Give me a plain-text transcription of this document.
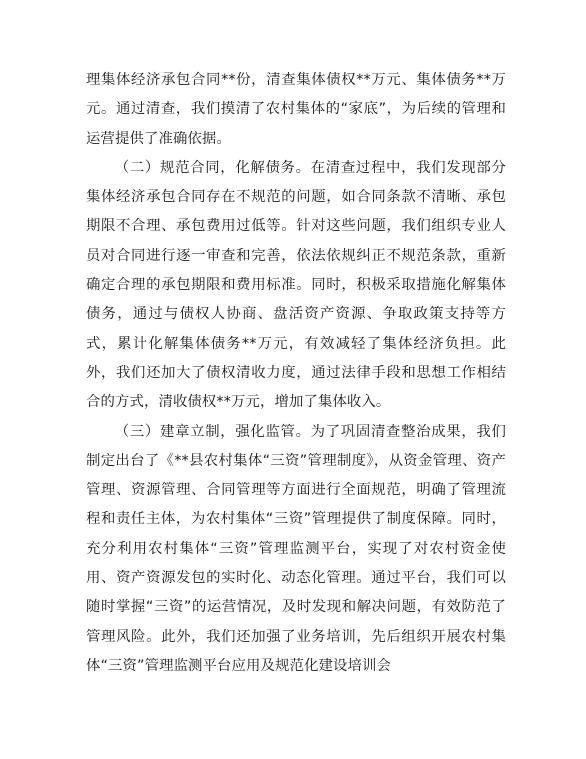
理集体经济承包合同**份，清查集体债权**万元、集体债务**万元。通过清查，我们摸清了农村集体的“家底”，为后续的管理和运营提供了准确依据。

（二）规范合同，化解债务。在清查过程中，我们发现部分集体经济承包合同存在不规范的问题，如合同条款不清晰、承包期限不合理、承包费用过低等。针对这些问题，我们组织专业人员对合同进行逐一审查和完善，依法依规纠正不规范条款，重新确定合理的承包期限和费用标准。同时，积极采取措施化解集体债务，通过与债权人协商、盘活资产资源、争取政策支持等方式，累计化解集体债务**万元，有效减轻了集体经济负担。此外，我们还加大了债权清收力度，通过法律手段和思想工作相结合的方式，清收债权**万元，增加了集体收入。

（三）建章立制，强化监管。为了巩固清查整治成果，我们制定出台了《**县农村集体“三资”管理制度》，从资金管理、资产管理、资源管理、合同管理等方面进行全面规范，明确了管理流程和责任主体，为农村集体“三资”管理提供了制度保障。同时，充分利用农村集体“三资”管理监测平台，实现了对农村资金使用、资产资源发包的实时化、动态化管理。通过平台，我们可以随时掌握“三资”的运营情况，及时发现和解决问题，有效防范了管理风险。此外，我们还加强了业务培训，先后组织开展农村集体“三资”管理监测平台应用及规范化建设培训会
